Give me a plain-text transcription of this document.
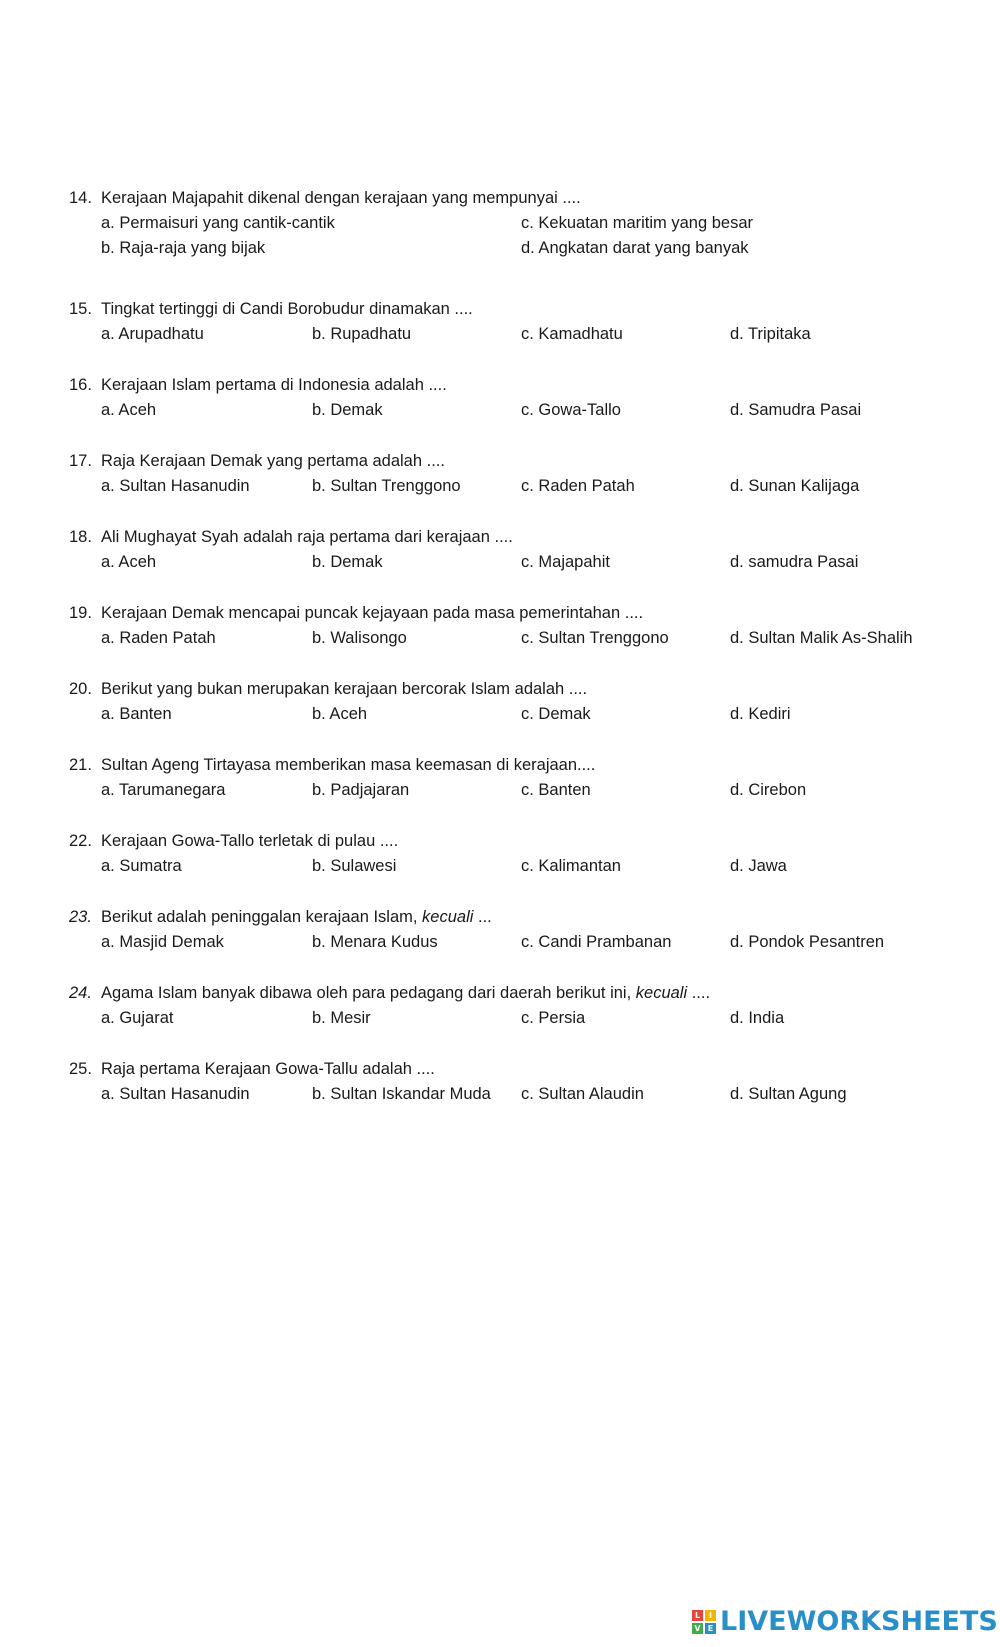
14. Kerajaan Majapahit dikenal dengan kerajaan yang mempunyai ....
a. Permaisuri yang cantik-cantik
b. Raja-raja yang bijak
c. Kekuatan maritim yang besar
d. Angkatan darat yang banyak
15. Tingkat tertinggi di Candi Borobudur dinamakan ....
a. Arupadhatu	b. Rupadhatu	c. Kamadhatu	d. Tripitaka
16. Kerajaan Islam pertama di Indonesia adalah ....
a. Aceh	b. Demak	c. Gowa-Tallo	d. Samudra Pasai
17. Raja Kerajaan Demak yang pertama adalah ....
a. Sultan Hasanudin	b. Sultan Trenggono	c. Raden Patah	d. Sunan Kalijaga
18. Ali Mughayat Syah adalah raja pertama dari kerajaan ....
a. Aceh	b. Demak	c. Majapahit	d. samudra Pasai
19. Kerajaan Demak mencapai puncak kejayaan pada masa pemerintahan ....
a. Raden Patah	b. Walisongo	c. Sultan Trenggono	d. Sultan Malik As-Shalih
20. Berikut yang bukan merupakan kerajaan bercorak Islam adalah ....
a. Banten	b. Aceh	c. Demak	d. Kediri
21. Sultan Ageng Tirtayasa memberikan masa keemasan di kerajaan....
a. Tarumanegara	b. Padjajaran	c. Banten	d. Cirebon
22. Kerajaan Gowa-Tallo terletak di pulau ....
a. Sumatra	b. Sulawesi	c. Kalimantan	d. Jawa
23. Berikut adalah peninggalan kerajaan Islam, kecuali ...
a. Masjid Demak	b. Menara Kudus	c. Candi Prambanan	d. Pondok Pesantren
24. Agama Islam banyak dibawa oleh para pedagang dari daerah berikut ini, kecuali ....
a. Gujarat	b. Mesir	c. Persia	d. India
25. Raja pertama Kerajaan Gowa-Tallu adalah ....
a. Sultan Hasanudin	b. Sultan Iskandar Muda c. Sultan Alaudin	d. Sultan Agung
L	I
V E LIVEWORKSHEETS
